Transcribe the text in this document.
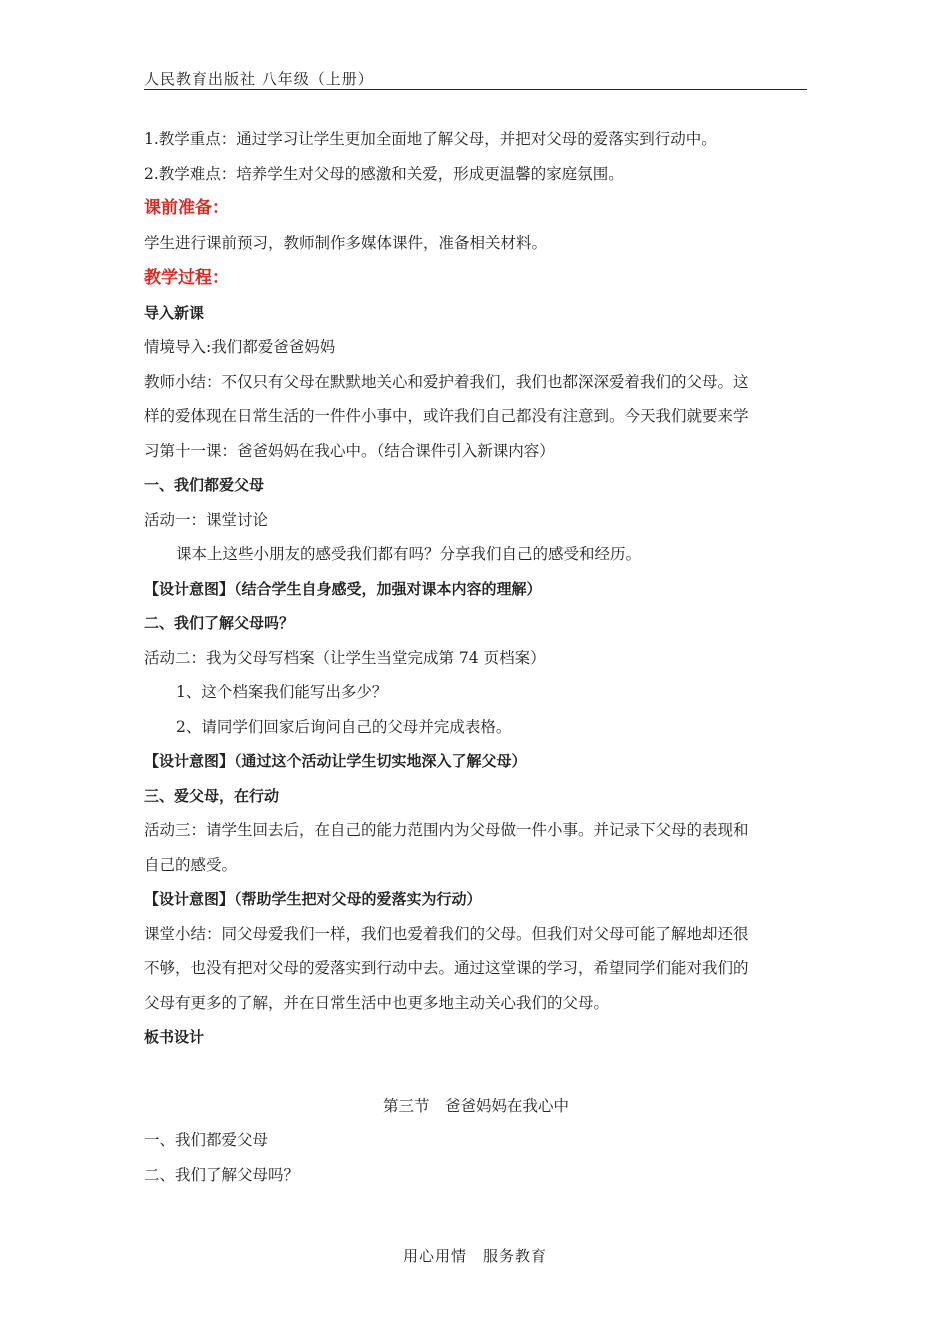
人民教育出版社 八年级（上册）
1.教学重点：通过学习让学生更加全面地了解父母，并把对父母的爱落实到行动中。
2.教学难点：培养学生对父母的感激和关爱，形成更温馨的家庭氛围。
课前准备：
学生进行课前预习，教师制作多媒体课件，准备相关材料。
教学过程：
导入新课
情境导入:我们都爱爸爸妈妈
教师小结：不仅只有父母在默默地关心和爱护着我们，我们也都深深爱着我们的父母。这
样的爱体现在日常生活的一件件小事中，或许我们自己都没有注意到。今天我们就要来学
习第十一课：爸爸妈妈在我心中。（结合课件引入新课内容）
一、我们都爱父母
活动一：课堂讨论
课本上这些小朋友的感受我们都有吗？分享我们自己的感受和经历。
【设计意图】（结合学生自身感受，加强对课本内容的理解）
二、我们了解父母吗？
活动二：我为父母写档案（让学生当堂完成第 74 页档案）
1、这个档案我们能写出多少？
2、请同学们回家后询问自己的父母并完成表格。
【设计意图】（通过这个活动让学生切实地深入了解父母）
三、爱父母，在行动
活动三：请学生回去后，在自己的能力范围内为父母做一件小事。并记录下父母的表现和
自己的感受。
【设计意图】（帮助学生把对父母的爱落实为行动）
课堂小结：同父母爱我们一样，我们也爱着我们的父母。但我们对父母可能了解地却还很
不够，也没有把对父母的爱落实到行动中去。通过这堂课的学习，希望同学们能对我们的
父母有更多的了解，并在日常生活中也更多地主动关心我们的父母。
板书设计
第三节　爸爸妈妈在我心中
一、我们都爱父母
二、我们了解父母吗？
用心用情　服务教育
